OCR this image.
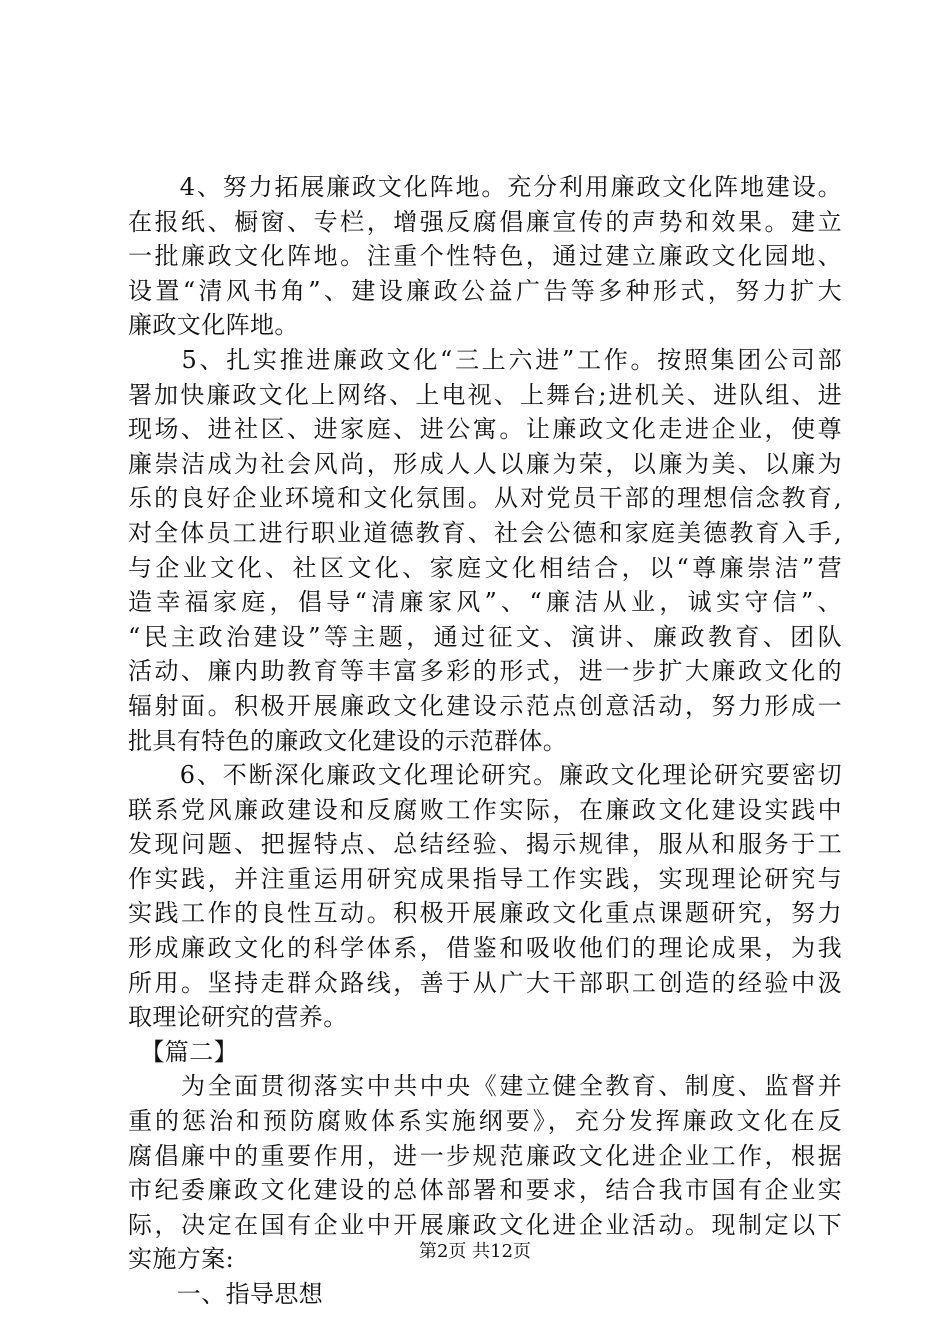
　　4、努力拓展廉政文化阵地。充分利用廉政文化阵地建设。
在报纸、橱窗、专栏，增强反腐倡廉宣传的声势和效果。建立
一批廉政文化阵地。注重个性特色，通过建立廉政文化园地、
设置“清风书角”、建设廉政公益广告等多种形式，努力扩大
廉政文化阵地。
　　5、扎实推进廉政文化“三上六进”工作。按照集团公司部
署加快廉政文化上网络、上电视、上舞台;进机关、进队组、进
现场、进社区、进家庭、进公寓。让廉政文化走进企业，使尊
廉崇洁成为社会风尚，形成人人以廉为荣，以廉为美、以廉为
乐的良好企业环境和文化氛围。从对党员干部的理想信念教育,
对全体员工进行职业道德教育、社会公德和家庭美德教育入手,
与企业文化、社区文化、家庭文化相结合，以“尊廉崇洁”营
造幸福家庭，倡导“清廉家风”、“廉洁从业，诚实守信”、
“民主政治建设”等主题，通过征文、演讲、廉政教育、团队
活动、廉内助教育等丰富多彩的形式，进一步扩大廉政文化的
辐射面。积极开展廉政文化建设示范点创意活动，努力形成一
批具有特色的廉政文化建设的示范群体。
　　6、不断深化廉政文化理论研究。廉政文化理论研究要密切
联系党风廉政建设和反腐败工作实际，在廉政文化建设实践中
发现问题、把握特点、总结经验、揭示规律，服从和服务于工
作实践，并注重运用研究成果指导工作实践，实现理论研究与
实践工作的良性互动。积极开展廉政文化重点课题研究，努力
形成廉政文化的科学体系，借鉴和吸收他们的理论成果，为我
所用。坚持走群众路线，善于从广大干部职工创造的经验中汲
取理论研究的营养。
　【篇二】
　　为全面贯彻落实中共中央《建立健全教育、制度、监督并
重的惩治和预防腐败体系实施纲要》，充分发挥廉政文化在反
腐倡廉中的重要作用，进一步规范廉政文化进企业工作，根据
市纪委廉政文化建设的总体部署和要求，结合我市国有企业实
际，决定在国有企业中开展廉政文化进企业活动。现制定以下
实施方案:
　　一、指导思想
第2页 共12页
